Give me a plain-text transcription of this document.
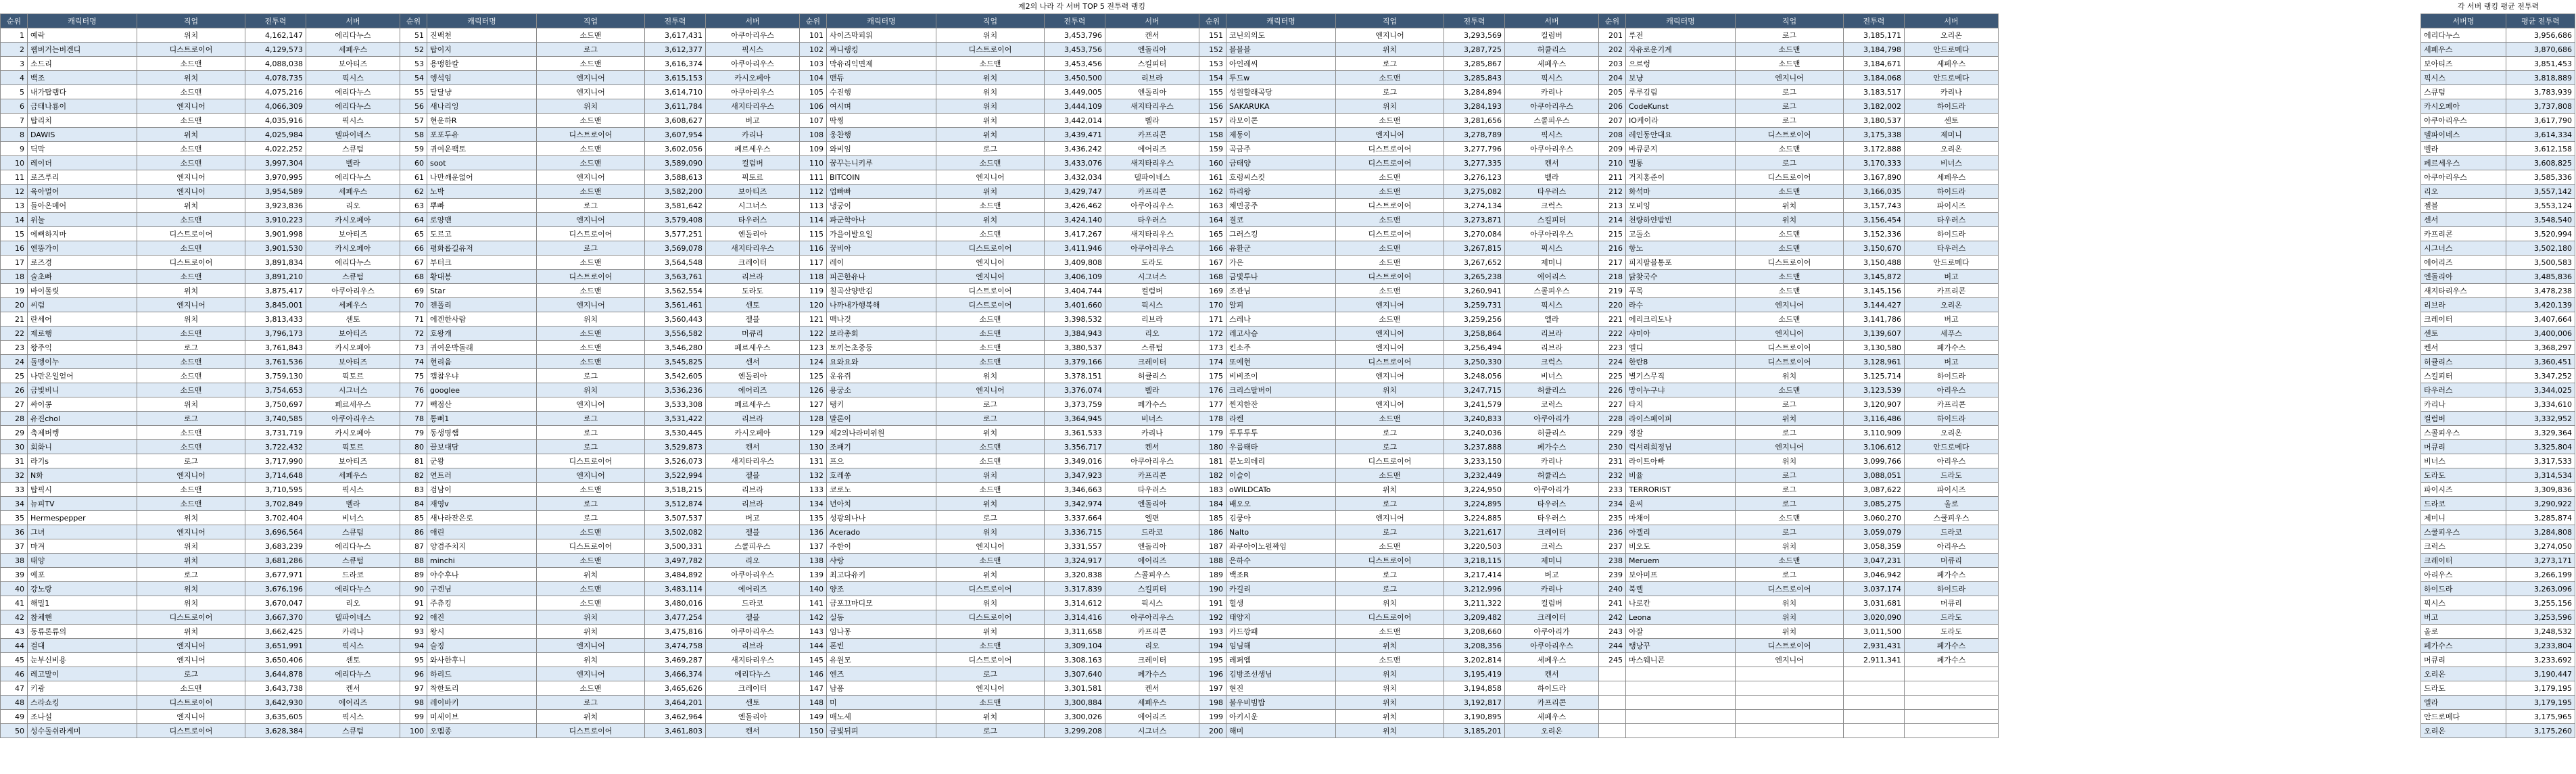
제2의 나라 각 서버 TOP 5 전투력 랭킹	각 서버 랭킹 평균 전투력
순위	캐릭터명	직업	전투력	서버
1	예락	위치	4,162,147	에리다누스
2	웹버거는버겐디	디스트로이어	4,129,573	세페우스
3	소드리	소드맨	4,088,038	보아티즈
4	백조	위치	4,078,735	픽시스
5	내가탑랩다	소드맨	4,075,216	에리다누스
6	금태나룡이	엔지니어	4,066,309	에리다누스
7	탑리치	소드맨	4,035,916	픽시스
8	DAWIS	위치	4,025,984	델파이네스
9	딕막	소드맨	4,022,252	스큐텀
10	레이더	소드맨	3,997,304	벨라
11	로즈루리	엔지니어	3,970,995	에리다누스
12	육아멀어	엔지니어	3,954,589	세페우스
13	들아온메어	위치	3,923,836	리오
14	위눌	소드맨	3,910,223	카시오페아
15	에뻐하지마	디스트로이어	3,901,998	보아티즈
16	엔뚱가이	소드맨	3,901,530	카시오페아
17	로즈경	디스트로이어	3,891,834	에리다누스
18	술초빠	소드맨	3,891,210	스큐텀
19	바이톨릿	위치	3,875,417	아쿠아리우스
20	씨럼	엔지니어	3,845,001	세페우스
21	란세어	위치	3,813,433	센토
22	제로행	소드맨	3,796,173	보아티즈
23	왕주익	로그	3,761,843	카시오페아
24	돌멩이누	소드맨	3,761,536	보아티즈
25	나만은일얻어	소드맨	3,759,130	픽토르
26	금빛비니	소드맨	3,754,653	시그너스
27	싸이콩	위치	3,750,697	페르세우스
28	유진chol	로그	3,740,585	아쿠아리우스
29	축제버렝	소드맨	3,731,719	카시오페아
30	회화니	소드맨	3,722,432	픽토르
31	라기s	로그	3,717,990	보아티즈
32	N화	엔지니어	3,714,648	세페우스
33	탑픽시	소드맨	3,710,595	픽시스
34	뉴피TV	소드맨	3,702,849	벨라
35	Hermespepper	위치	3,702,404	비너스
36	그녀	엔지니어	3,696,564	스큐텀
37	마겨	위치	3,683,239	에리다누스
38	태양	위치	3,681,286	스큐텀
39	예포	로그	3,677,971	드라코
40	강노랑	위치	3,676,196	에리다누스
41	해밀1	위치	3,670,047	리오
42	참체핸	디스트로이어	3,667,370	델파이네스
43	동류론류의	위치	3,662,425	카리나
44	걸대	엔지니어	3,651,991	픽시스
45	눈부신비용	엔지니어	3,650,406	센토
46	레고말이	로그	3,644,878	에리다누스
47	키광	소드맨	3,643,738	켄서
48	스라쇼킹	디스트로이어	3,642,930	에어리즈
49	조나설	엔지니어	3,635,605	픽시스
50	성수돌쉬라게미	디스트로이어	3,628,384	스큐텀
순위	캐릭터명	직업	전투력	서버
51	진백천	소드맨	3,617,431	아쿠아리우스
52	탑이지	로그	3,612,377	픽시스
53	용맹한칼	소드맨	3,616,374	아쿠아리우스
54	엥석임	엔지니어	3,615,153	카시오페아
55	달달냥	엔지니어	3,614,710	아쿠아리우스
56	새나리잉	위치	3,611,784	새지타리우스
57	현운하R	소드맨	3,608,627	버고
58	포포두유	디스트로이어	3,607,954	카리나
59	귀여운팩토	소드맨	3,602,056	페르세우스
60	soot	소드맨	3,589,090	컬럼버
61	나만깨운없어	엔지니어	3,588,613	픽토르
62	노박	소드맨	3,582,200	보아티즈
63	뿌빠	로그	3,581,642	시그너스
64	로양맨	엔지니어	3,579,408	타우러스
65	도르고	디스트로이어	3,577,251	엔돌리아
66	평화롭길유저	로그	3,569,078	새지타리우스
67	부터크	소드맨	3,564,548	크레이터
68	황대봉	디스트로이어	3,563,761	리브라
69	Star	소드맨	3,562,554	도라도
70	젠폴리	엔지니어	3,561,461	센토
71	에겐한사람	위치	3,560,443	젤블
72	호왕개	소드맨	3,556,582	머큐리
73	귀여운박돌래	소드맨	3,546,280	페르세우스
74	현리윰	소드맨	3,545,825	센서
75	캡참우냐	로그	3,542,605	엔돌리아
76	googlee	위치	3,536,236	에어리즈
77	빽점산	엔지니어	3,533,308	페르세우스
78	통뻐1	로그	3,531,422	리브라
79	동생명쌤	로그	3,530,445	카시오페아
80	끌보대담	로그	3,529,873	켄서
81	군왕	디스트로이어	3,526,073	새지타리우스
82	연트러	엔지니어	3,522,994	젤블
83	검남이	소드맨	3,518,215	리브라
84	재영v	로그	3,512,874	리브라
85	새나라잔은로	로그	3,507,537	버고
86	애린	소드맨	3,502,082	젤블
87	양겸주치지	디스트로이어	3,500,331	스콜피우스
88	minchi	소드맨	3,497,782	리오
89	야수후나	위치	3,484,892	아쿠아리우스
90	구겐님	소드맨	3,483,114	에어리즈
91	주츄킹	소드맨	3,480,016	드라코
92	애진	위치	3,477,254	젤블
93	왕시	위치	3,475,816	아쿠아리우스
94	슬징	엔지니어	3,474,758	리브라
95	와사한후니	위치	3,469,287	새지타리우스
96	하리드	엔지니어	3,466,374	에리다누스
97	착한토리	소드맨	3,465,626	크레이터
98	레이바키	로그	3,464,201	센토
99	미세이브	위치	3,462,964	엔돌리아
100	오멤종	디스트로이어	3,461,803	켄서
순위	캐릭터명	직업	전투력	서버
101	사이즈막피워	위치	3,453,796	캔서
102	짜니랭킹	디스트로이어	3,453,756	엔돌리아
103	막유리익면제	소드맨	3,453,456	스킬피터
104	맨듀	위치	3,450,500	리브라
105	수진행	위치	3,449,005	엔돌리아
106	여시며	위치	3,444,109	새지타리우스
107	딱찡	위치	3,442,014	벨라
108	웅찬행	위치	3,439,471	카프리콘
109	와비임	로그	3,436,242	에어리즈
110	꿈꾸는니키루	소드맨	3,433,076	새지타리우스
111	BITCOIN	엔지니어	3,432,034	델파이네스
112	업빠빠	위치	3,429,747	카프리콘
113	냉궁이	소드맨	3,426,462	아쿠아리우스
114	파군학아나	위치	3,424,140	타우러스
115	가을이발요일	소드맨	3,417,267	새지타리우스
116	꿈비아	디스트로이어	3,411,946	아쿠아리우스
117	레이	엔지니어	3,409,808	도라도
118	피곤한유나	엔지니어	3,406,109	시그너스
119	칠곡산양반김	디스트로이어	3,404,744	컬럼버
120	나까내가행복해	디스트로이어	3,401,660	픽시스
121	맥나것	소드맨	3,398,532	리브라
122	보라총회	소드맨	3,384,943	리오
123	토끼는초중등	소드맨	3,380,537	스큐텀
124	요와요와	소드맨	3,379,166	크레이터
125	운유쥐	위치	3,378,151	허큘리스
126	용궁소	엔지니어	3,376,074	벨라
127	탱키	로그	3,373,759	페가수스
128	말론이	로그	3,364,945	비너스
129	제2의나라미위원	위치	3,361,533	카리나
130	조패기	소드맨	3,356,717	켄서
131	프으	소드맨	3,349,016	아쿠아리우스
132	호레쏭	위치	3,347,923	카프리콘
133	코로노	소드맨	3,346,663	타우러스
134	년아치	위치	3,342,974	엔돌리아
135	성광의나나	로그	3,337,664	엘편
136	Acerado	위치	3,336,715	드라코
137	주한이	엔지니어	3,331,557	엔돌리아
138	샤랑	소드맨	3,324,917	에어리즈
139	최고다유키	위치	3,320,838	스콜피우스
140	양조	디스트로이어	3,317,839	스킬피터
141	금포끄마디모	위치	3,314,612	픽시스
142	실동	디스트로이어	3,314,416	아쿠아리우스
143	임나몽	위치	3,311,658	카프리콘
144	폰빈	소드맨	3,309,104	리오
145	유원모	디스트로이어	3,308,163	크레이터
146	엔즈	로그	3,307,640	페가수스
147	남퐁	엔지니어	3,301,581	켄서
148	미	소드맨	3,300,884	세페우스
149	매노세	위치	3,300,026	에어리즈
150	금빛뒤피	로그	3,299,208	시그너스
순위	캐릭터명	직업	전투력	서버
151	코닌의의도	엔지니어	3,293,569	컬럼버
152	블블블	위치	3,287,725	허큘리스
153	아인레씨	로그	3,285,867	세페우스
154	투드w	소드맨	3,285,843	픽시스
155	성원할래곡당	로그	3,284,894	카리나
156	SAKARUKA	위치	3,284,193	아쿠아리우스
157	라모이콘	소드맨	3,281,656	스콜피우스
158	제동이	엔지니어	3,278,789	픽시스
159	곡금주	디스트로이어	3,277,796	아쿠아리우스
160	금태양	디스트로이어	3,277,335	켄서
161	호렁씨스킷	소드맨	3,276,123	벨라
162	하리왕	소드맨	3,275,082	타우러스
163	채민공주	디스트로이어	3,274,134	크럭스
164	결코	소드맨	3,273,871	스킬피터
165	그러스킹	디스트로이어	3,270,084	아쿠아리우스
166	유환군	소드맨	3,267,815	픽시스
167	가은	소드맨	3,267,652	제미니
168	금빛투나	디스트로이어	3,265,238	에어리스
169	조관님	소드맨	3,260,941	스콜피우스
170	알피	엔지니어	3,259,731	픽시스
171	스레나	소드맨	3,259,256	엘라
172	레고사슴	엔지니어	3,258,864	리브라
173	킨소주	엔지니어	3,256,494	리브라
174	또예현	디스트로이어	3,250,330	크럭스
175	비비조이	엔지니어	3,248,056	비너스
176	크리스탈버이	위치	3,247,715	허큘리스
177	찐지한잔	엔지니어	3,241,579	코럭스
178	라켄	소드맨	3,240,833	아쿠아리가
179	투투투투	로그	3,240,036	허큘리스
180	우룹태타	로그	3,237,888	페가수스
181	분노의데리	디스트로이어	3,233,150	카리나
182	이슬이	소드맨	3,232,449	허큘리스
183	oWILDCATo	위치	3,224,950	아쿠아리가
184	배오오	로그	3,224,895	타우러스
185	김쿵아	엔지니어	3,224,885	타우러스
186	Nalto	로그	3,221,617	크레이터
187	좌쿠아이노원짜임	소드맨	3,220,503	크럭스
188	은하수	디스트로이어	3,218,115	제미니
189	백조R	로그	3,217,414	버고
190	카길리	로그	3,212,996	카리나
191	헐생	위치	3,211,322	컬럼버
192	태양지	디스트로이어	3,209,482	크레이터
193	카드깡패	소드맨	3,208,660	아쿠아리가
194	임님해	위치	3,208,356	아쿠아리우스
195	레퍼엠	소드맨	3,202,814	세페우스
196	김방조선생님	위치	3,195,419	켄서
197	현진	위치	3,194,858	하이드라
198	불우비빔밥	위치	3,192,817	카프리콘
199	아키시운	위치	3,190,895	세페우스
200	해미	위치	3,185,201	오리온
순위	캐릭터명	직업	전투력	서버
201	루전	로그	3,185,171	오리온
202	자유로운기계	소드맨	3,184,798	안드로메다
203	으르렁	소드맨	3,184,671	세페우스
204	보냥	엔지니어	3,184,068	안드로메다
205	루루김림	로그	3,183,517	카리나
206	CodeKunst	로그	3,182,002	하이드라
207	IO케이라	로그	3,180,537	센토
208	레인동안대요	디스트로이어	3,175,338	제미니
209	바큐쿤지	소드맨	3,172,888	오리온
210	밀통	로그	3,170,333	비너스
211	거지홍준이	디스트로이어	3,167,890	세페우스
212	화석마	소드맨	3,166,035	하이드라
213	모비잉	위치	3,157,743	파이시즈
214	천량하얀밤빈	위치	3,156,454	타우러스
215	고돌소	소드맨	3,152,336	하이드라
216	항노	소드맨	3,150,670	타우러스
217	피지팔블통포	디스트로이어	3,150,488	안드로메다
218	닭찾국수	소드맨	3,145,872	버고
219	푸목	소드맨	3,145,156	카프리콘
220	라수	엔지니어	3,144,427	오리온
221	에리크리도나	소드맨	3,141,786	버고
222	샤미아	엔지니어	3,139,607	세푸스
223	엘디	디스트로이어	3,130,580	페가수스
224	한란8	디스트로이어	3,128,961	버고
225	별기스무직	위치	3,125,714	하이드라
226	망이누구냐	소드맨	3,123,539	아리우스
227	타지	로그	3,120,907	카프리콘
228	라이스페이퍼	위치	3,116,486	하이드라
229	정잘	로그	3,110,909	오리온
230	럭셔리희정님	엔지니어	3,106,612	안드로메다
231	라이트아빠	위치	3,099,766	아리우스
232	비율	로그	3,088,051	드라도
233	TERRORIST	로그	3,087,622	파이시즈
234	윤씨	로그	3,085,275	올로
235	마채이	소드맨	3,060,270	스쿨피우스
236	아겔리	로그	3,059,079	드라코
237	비오도	위치	3,058,359	아리우스
238	Meruem	소드맨	3,047,231	머큐리
239	보아미프	로그	3,046,942	페가수스
240	북렐	디스트로이어	3,037,174	하이드라
241	나로칸	위치	3,031,681	머큐리
242	Leona	위치	3,020,090	드라도
243	아잘	위치	3,011,500	도라도
244	탱낭꾸	디스트로이어	2,931,431	페가수스
245	마스웨니콘	엔지니어	2,911,341	페가수스

서버명	평균 전투력
에리다누스	3,956,686
세페우스	3,870,686
보아티즈	3,851,453
픽시스	3,818,889
스큐텀	3,783,939
카시오페아	3,737,808
아쿠아리우스	3,617,790
델파이네스	3,614,334
벨라	3,612,158
페르세우스	3,608,825
아쿠아리우스	3,585,336
리오	3,557,142
젤블	3,553,124
센서	3,548,540
카프리콘	3,520,994
시그너스	3,502,180
에어리즈	3,500,583
엔돌리아	3,485,836
새지타리우스	3,478,238
리브라	3,420,139
크레이터	3,407,664
센토	3,400,006
켄서	3,368,297
허큘리스	3,360,451
스킬피터	3,347,252
타우러스	3,344,025
카리나	3,334,610
컬럼버	3,332,952
스콜피우스	3,329,364
머큐리	3,325,804
비너스	3,317,533
도라도	3,314,534
파이시즈	3,309,836
드라코	3,290,922
제미니	3,285,874
스쿨피우스	3,284,808
크럭스	3,274,050
크레이터	3,273,171
아리우스	3,266,199
하이드라	3,263,096
픽시스	3,255,156
버고	3,253,596
올로	3,248,532
페가수스	3,233,804
머큐리	3,233,692
오리온	3,190,447
드라도	3,179,195
엘라	3,179,195
안드로메다	3,175,965
오리온	3,175,260
